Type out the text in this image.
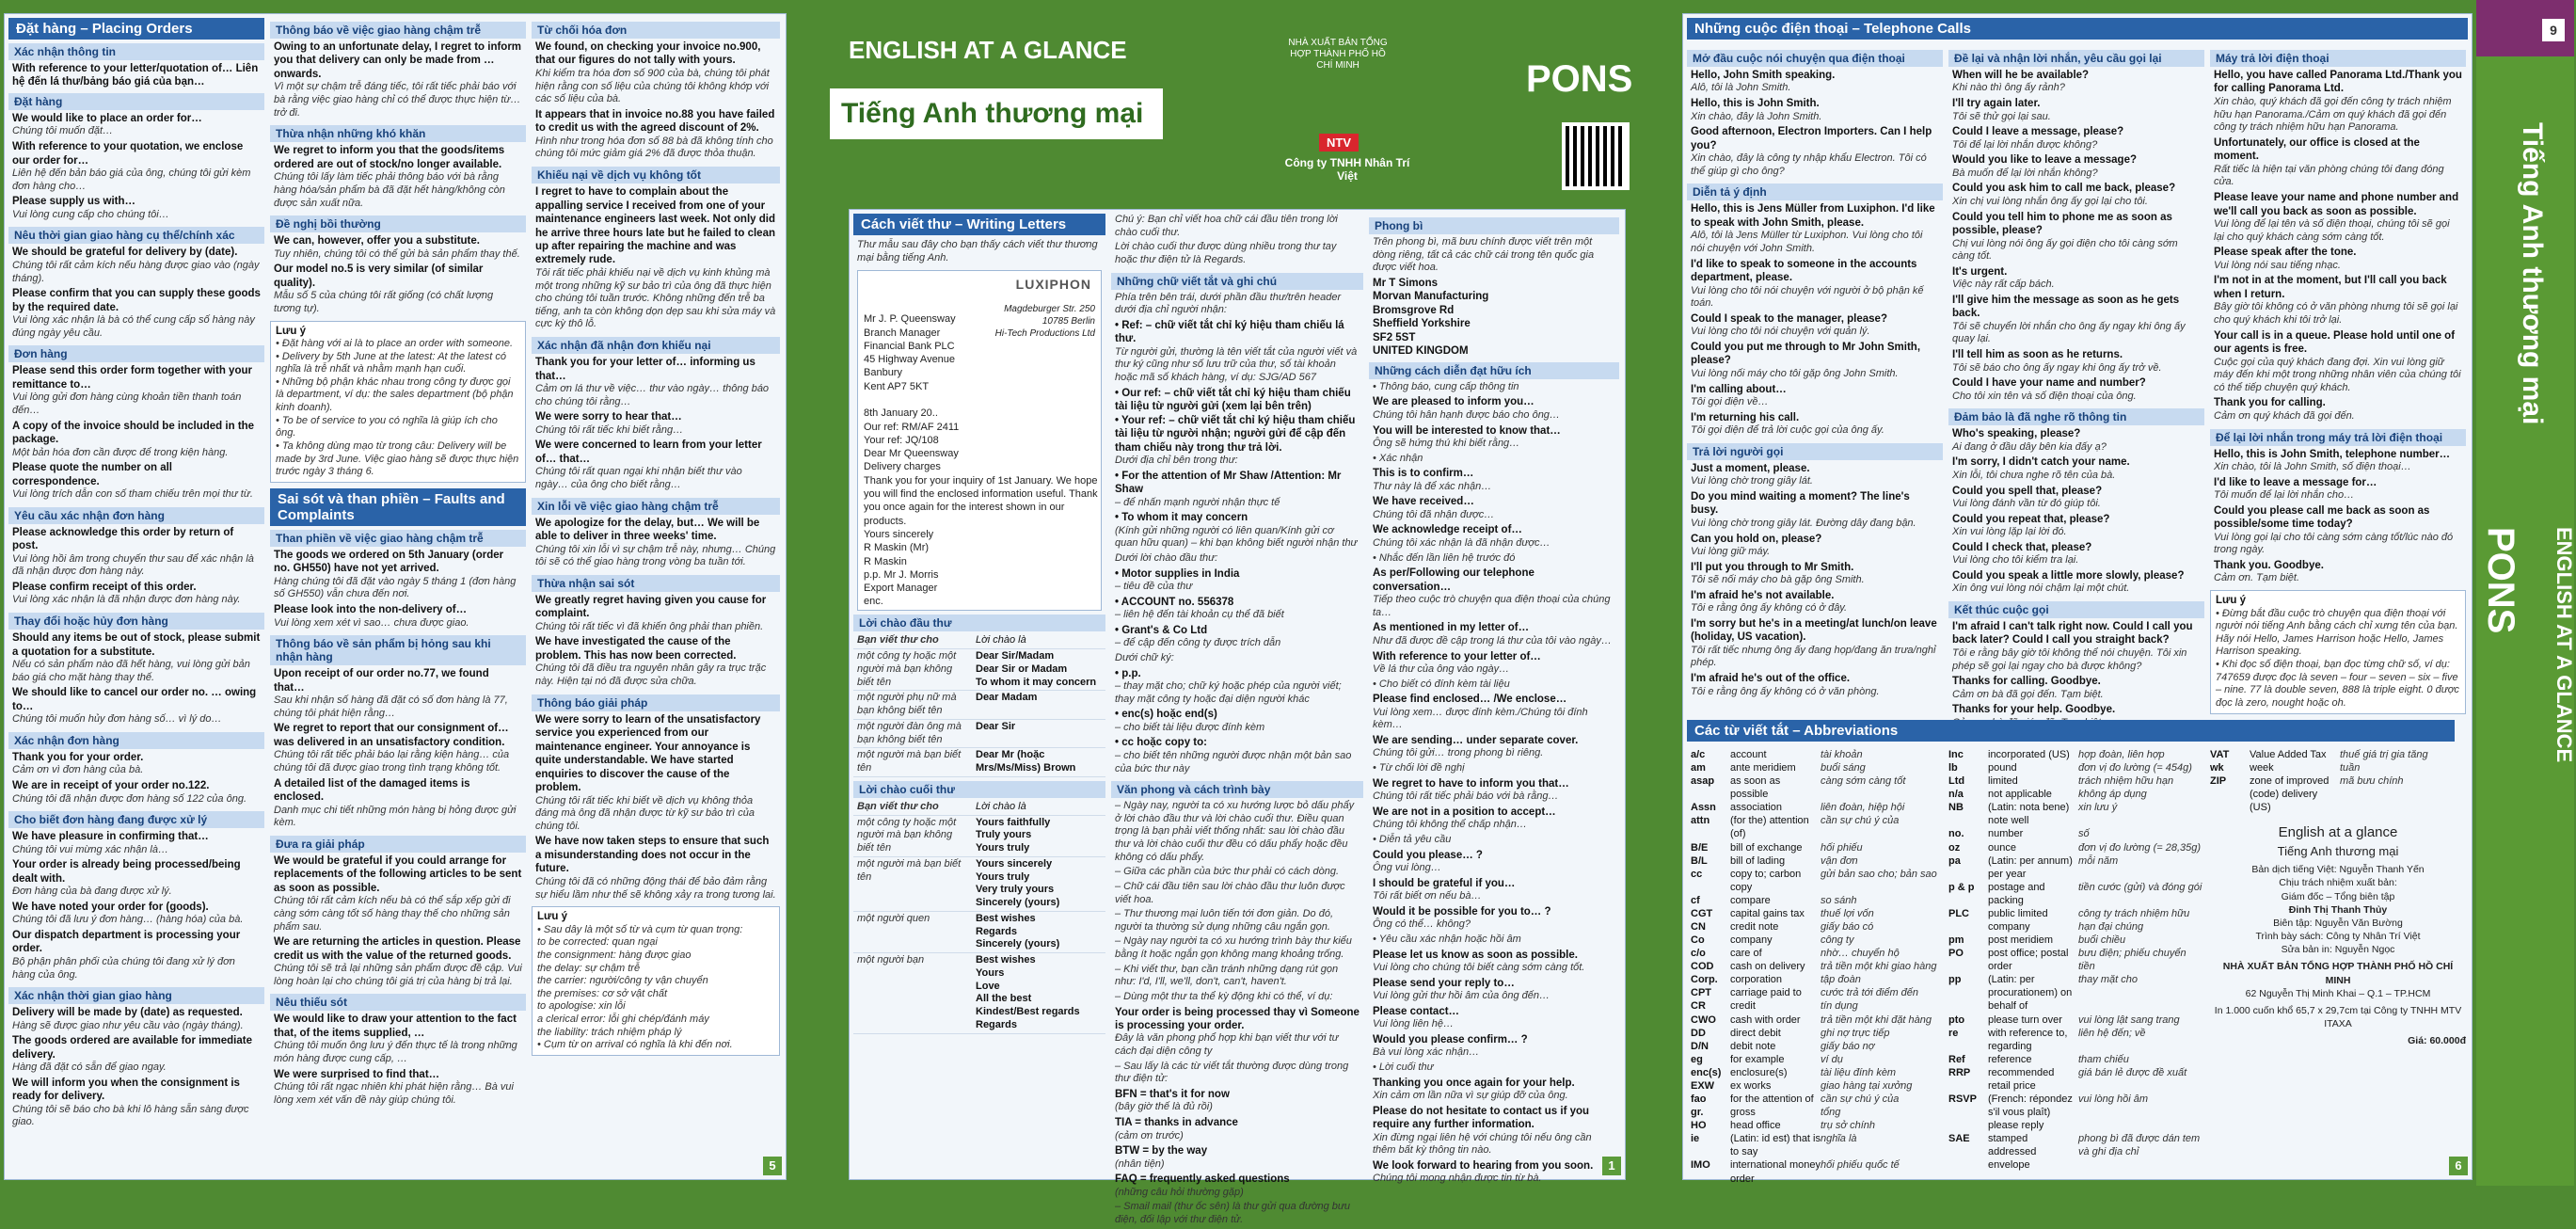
Đặt hàng – Placing Orders
Xác nhận thông tin
With reference to your letter/quotation of… Liên hệ đến lá thư/bảng báo giá của bạn…
Đặt hàng
We would like to place an order for…
Chúng tôi muốn đặt…
With reference to your quotation, we enclose our order for…
Liên hệ đến bản báo giá của ông, chúng tôi gửi kèm đơn hàng cho…
Please supply us with…
Vui lòng cung cấp cho chúng tôi…
Nêu thời gian giao hàng cụ thể/chính xác
We should be grateful for delivery by (date).
Chúng tôi rất cảm kích nếu hàng được giao vào (ngày tháng).
Please confirm that you can supply these goods by the required date.
Vui lòng xác nhận là bà có thể cung cấp số hàng này đúng ngày yêu cầu.
Đơn hàng
Please send this order form together with your remittance to…
Vui lòng gửi đơn hàng cùng khoản tiền thanh toán đến…
A copy of the invoice should be included in the package.
Một bản hóa đơn cần được để trong kiện hàng.
Please quote the number on all correspondence.
Vui lòng trích dẫn con số tham chiếu trên mọi thư từ.
Yêu cầu xác nhận đơn hàng
Please acknowledge this order by return of post.
Vui lòng hồi âm trong chuyến thư sau để xác nhận là đã nhận được đơn hàng này.
Please confirm receipt of this order.
Vui lòng xác nhận là đã nhận được đơn hàng này.
Thay đổi hoặc hủy đơn hàng
Should any items be out of stock, please submit a quotation for a substitute.
Nếu có sản phẩm nào đã hết hàng, vui lòng gửi bản báo giá cho mặt hàng thay thế.
We should like to cancel our order no. … owing to…
Chúng tôi muốn hủy đơn hàng số… vì lý do…
Xác nhận đơn hàng
Thank you for your order.
Cảm ơn vì đơn hàng của bà.
We are in receipt of your order no.122.
Chúng tôi đã nhận được đơn hàng số 122 của ông.
Cho biết đơn hàng đang được xử lý
We have pleasure in confirming that…
Chúng tôi vui mừng xác nhận là…
Your order is already being processed/being dealt with.
Đơn hàng của bà đang được xử lý.
We have noted your order for (goods).
Chúng tôi đã lưu ý đơn hàng… (hàng hóa) của bà.
Our dispatch department is processing your order.
Bộ phận phân phối của chúng tôi đang xử lý đơn hàng của ông.
Xác nhận thời gian giao hàng
Delivery will be made by (date) as requested.
Hàng sẽ được giao như yêu cầu vào (ngày tháng).
The goods ordered are available for immediate delivery.
Hàng đã đặt có sẵn để giao ngay.
We will inform you when the consignment is ready for delivery.
Chúng tôi sẽ báo cho bà khi lô hàng sẵn sàng được giao.
Thông báo về việc giao hàng chậm trễ
Owing to an unfortunate delay, I regret to inform you that delivery can only be made from … onwards.
Vì một sự chậm trễ đáng tiếc, tôi rất tiếc phải báo với bà rằng việc giao hàng chỉ có thể được thực hiện từ… trở đi.
Thừa nhận những khó khăn
We regret to inform you that the goods/items ordered are out of stock/no longer available.
Chúng tôi lấy làm tiếc phải thông báo với bà rằng hàng hóa/sản phẩm bà đã đặt hết hàng/không còn được sản xuất nữa.
Đề nghị bồi thường
We can, however, offer you a substitute.
Tuy nhiên, chúng tôi có thể gửi bà sản phẩm thay thế.
Our model no.5 is very similar (of similar quality).
Mẫu số 5 của chúng tôi rất giống (có chất lượng tương tự).
Lưu ý
• Đặt hàng với ai là to place an order with someone.
• Delivery by 5th June at the latest: At the latest có nghĩa là trễ nhất và nhằm mạnh hạn cuối.
• Những bộ phận khác nhau trong công ty được gọi là department, ví dụ: the sales department (bộ phận kinh doanh).
• To be of service to you có nghĩa là giúp ích cho ông.
• Ta không dùng mạo từ trong câu: Delivery will be made by 3rd June. Việc giao hàng sẽ được thực hiện trước ngày 3 tháng 6.
Sai sót và than phiền – Faults and Complaints
Than phiền về việc giao hàng chậm trễ
The goods we ordered on 5th January (order no. GH550) have not yet arrived.
Hàng chúng tôi đã đặt vào ngày 5 tháng 1 (đơn hàng số GH550) vẫn chưa đến nơi.
Please look into the non-delivery of…
Vui lòng xem xét vì sao… chưa được giao.
Thông báo về sản phẩm bị hỏng sau khi nhận hàng
Upon receipt of our order no.77, we found that…
Sau khi nhận số hàng đã đặt có số đơn hàng là 77, chúng tôi phát hiện rằng…
We regret to report that our consignment of… was delivered in an unsatisfactory condition.
Chúng tôi rất tiếc phải báo lại rằng kiện hàng… của chúng tôi đã được giao trong tình trạng không tốt.
A detailed list of the damaged items is enclosed.
Danh mục chi tiết những món hàng bị hỏng được gửi kèm.
Đưa ra giải pháp
We would be grateful if you could arrange for replacements of the following articles to be sent as soon as possible.
Chúng tôi rất cảm kích nếu bà có thể sắp xếp gửi đi càng sớm càng tốt số hàng thay thế cho những sản phẩm sau.
We are returning the articles in question. Please credit us with the value of the returned goods.
Chúng tôi sẽ trả lại những sản phẩm được đề cập. Vui lòng hoàn lại cho chúng tôi giá trị của hàng bị trả lại.
Nêu thiếu sót
We would like to draw your attention to the fact that, of the items supplied, …
Chúng tôi muốn ông lưu ý đến thực tế là trong những món hàng được cung cấp, …
We were surprised to find that…
Chúng tôi rất ngạc nhiên khi phát hiện rằng… Bà vui lòng xem xét vấn đề này giúp chúng tôi.
Từ chối hóa đơn
We found, on checking your invoice no.900, that our figures do not tally with yours.
Khi kiểm tra hóa đơn số 900 của bà, chúng tôi phát hiện rằng con số liệu của chúng tôi không khớp với các số liệu của bà.
It appears that in invoice no.88 you have failed to credit us with the agreed discount of 2%.
Hình như trong hóa đơn số 88 bà đã không tính cho chúng tôi mức giảm giá 2% đã được thỏa thuận.
Khiếu nại về dịch vụ không tốt
I regret to have to complain about the appalling service I received from one of your maintenance engineers last week. Not only did he arrive three hours late but he failed to clean up after repairing the machine and was extremely rude.
Tôi rất tiếc phải khiếu nại về dịch vụ kinh khủng mà một trong những kỹ sư bảo trì của ông đã thực hiện cho chúng tôi tuần trước. Không những đến trễ ba tiếng, anh ta còn không dọn dẹp sau khi sửa máy và cực kỳ thô lỗ.
Xác nhận đã nhận đơn khiếu nại
Thank you for your letter of… informing us that…
Cảm ơn lá thư về việc… thư vào ngày… thông báo cho chúng tôi rằng…
We were sorry to hear that…
Chúng tôi rất tiếc khi biết rằng…
We were concerned to learn from your letter of… that…
Chúng tôi rất quan ngại khi nhận biết thư vào ngày… của ông cho biết rằng…
Xin lỗi về việc giao hàng chậm trễ
We apologize for the delay, but… We will be able to deliver in three weeks' time.
Chúng tôi xin lỗi vì sự chậm trễ này, nhưng… Chúng tôi sẽ có thể giao hàng trong vòng ba tuần tới.
Thừa nhận sai sót
We greatly regret having given you cause for complaint.
Chúng tôi rất tiếc vì đã khiến ông phải than phiền.
We have investigated the cause of the problem. This has now been corrected.
Chúng tôi đã điều tra nguyên nhân gây ra trục trặc này. Hiện tại nó đã được sửa chữa.
Thông báo giải pháp
We were sorry to learn of the unsatisfactory service you experienced from our maintenance engineer. Your annoyance is quite understandable. We have started enquiries to discover the cause of the problem.
Chúng tôi rất tiếc khi biết về dịch vụ không thỏa đáng mà ông đã nhận được từ kỹ sư bảo trì của chúng tôi.
We have now taken steps to ensure that such a misunderstanding does not occur in the future.
Chúng tôi đã có những động thái để bảo đảm rằng sự hiểu lầm như thế sẽ không xảy ra trong tương lai.
Lưu ý
• Sau dây là một số từ và cụm từ quan trọng:
to be corrected: quan ngại
the consignment: hàng được giao
the delay: sự chậm trễ
the carrier: người/công ty vận chuyển
the premises: cơ sở vật chất
to apologise: xin lỗi
a clerical error: lỗi ghi chép/đánh máy
the liability: trách nhiệm pháp lý
• Cụm từ on arrival có nghĩa là khi đến nơi.
5
ENGLISH AT A GLANCE
Tiếng Anh thương mại
NHÀ XUẤT BẢN TỔNG HỢP THÀNH PHỐ HỒ CHÍ MINH
NTV
Công ty TNHH Nhân Trí Việt
PONS
Cách viết thư – Writing Letters
Thư mẫu sau đây cho bạn thấy cách viết thư thương mại bằng tiếng Anh.
Mr J. P. Queensway
Branch Manager
Financial Bank PLC
45 Highway Avenue
Banbury
Kent AP7 5KT
LUXIPHON
Magdeburger Str. 250
10785 Berlin
Hi-Tech Productions Ltd
8th January 20..
Our ref: RM/AF 2411
Your ref: JQ/108
Dear Mr Queensway
Delivery charges
Thank you for your inquiry of 1st January. We hope you will find the enclosed information useful. Thank you once again for the interest shown in our products.
Yours sincerely
R Maskin (Mr)
R Maskin
p.p. Mr J. Morris
Export Manager
enc.
Lời chào đầu thư
Bạn viết thư cho	Lời chào là
một công ty hoặc một người mà bạn không biết tên
Dear Sir/Madam
Dear Sir or Madam
To whom it may concern
một người phụ nữ mà bạn không biết tên
Dear Madam
một người đàn ông mà bạn không biết tên
Dear Sir
một người mà bạn biết tên
Dear Mr (hoặc Mrs/Ms/Miss) Brown
Lời chào cuối thư
Bạn viết thư cho	Lời chào là
một công ty hoặc một người mà bạn không biết tên
Yours faithfully
Truly yours
Yours truly
một người mà bạn biết tên
Yours sincerely
Yours truly
Very truly yours
Sincerely (yours)
một người quen	Best wishes
Regards
Sincerely (yours)
một người bạn	Best wishes
Yours
Love
All the best
Kindest/Best regards
Regards
Chú ý: Bạn chỉ viết hoa chữ cái đầu tiên trong lời chào cuối thư.
Lời chào cuối thư được dùng nhiều trong thư tay hoặc thư điện tử là Regards.
Những chữ viết tắt và ghi chú
Phía trên bên trái, dưới phần đầu thư/trên header dưới địa chỉ người nhận:
• Ref: – chữ viết tắt chỉ ký hiệu tham chiếu lá thư.
Từ người gửi, thường là tên viết tắt của người viết và thư ký cũng như số lưu trữ của thư, số tài khoản hoặc mã số khách hàng, ví dụ: SJG/AD 567
• Our ref: – chữ viết tắt chỉ ký hiệu tham chiếu tài liệu từ người gửi (xem lại bên trên)
• Your ref: – chữ viết tắt chỉ ký hiệu tham chiếu tài liệu từ người nhận; người gửi để cập đến tham chiếu này trong thư trả lời.
Dưới địa chỉ bên trong thư:
• For the attention of Mr Shaw /Attention: Mr Shaw
– để nhấn mạnh người nhận thực tế
• To whom it may concern
(Kính gửi những người có liên quan/Kính gửi cơ quan hữu quan) – khi bạn không biết người nhận thư
Dưới lời chào đầu thư:
• Motor supplies in India
– tiêu đề của thư
• ACCOUNT no. 556378
– liên hệ đến tài khoản cụ thể đã biết
• Grant's & Co Ltd
– để cập đến công ty được trích dẫn
Dưới chữ ký:
• p.p.
– thay mặt cho; chữ ký hoặc phép của người viết; thay mặt công ty hoặc đại diện người khác
• enc(s) hoặc end(s)
– cho biết tài liệu được đính kèm
• cc hoặc copy to:
– cho biết tên những người được nhận một bản sao của bức thư này
Văn phong và cách trình bày
– Ngày nay, người ta có xu hướng lược bỏ dấu phẩy ở lời chào đầu thư và lời chào cuối thư. Điều quan trọng là bạn phải viết thống nhất: sau lời chào đầu thư và lời chào cuối thư đều có dấu phẩy hoặc đều không có dấu phẩy.
– Giữa các phần của bức thư phải có cách dòng.
– Chữ cái đầu tiên sau lời chào đầu thư luôn được viết hoa.
– Thư thương mại luôn tiến tới đơn giản. Do đó, người ta thường sử dụng những câu ngắn gọn.
– Ngày nay người ta có xu hướng trình bày thư kiểu bằng ít hoặc ngắn gọn không mang khoảng trống.
– Khi viết thư, bạn cần tránh những dạng rút gọn như: I'd, I'll, we'll, don't, can't, haven't.
– Dùng một thư ta thể kỳ động khi có thể, ví dụ:
Your order is being processed thay vì Someone is processing your order.
Đây là văn phong phổ hợp khi bạn viết thư với tư cách đại diện công ty
– Sau lấy là các từ viết tắt thường được dùng trong thư điện tử:
BFN = that's it for now
(bây giờ thế là đủ rồi)
TIA = thanks in advance
(cảm ơn trước)
BTW = by the way
(nhân tiện)
FAQ = frequently asked questions
(những câu hỏi thường gặp)
– Smail mail (thư ốc sên) là thư gửi qua đường bưu điện, đối lập với thư điện tử.
Phong bì
Trên phong bì, mã bưu chính được viết trên một dòng riêng, tất cả các chữ cái trong tên quốc gia được viết hoa.
Mr T Simons
Morvan Manufacturing
Bromsgrove Rd
Sheffield Yorkshire
SF2 5ST
UNITED KINGDOM
Những cách diễn đạt hữu ích
• Thông báo, cung cấp thông tin
We are pleased to inform you…
Chúng tôi hân hạnh được báo cho ông…
You will be interested to know that…
Ông sẽ hứng thú khi biết rằng…
• Xác nhận
This is to confirm…
Thư này là để xác nhận…
We have received…
Chúng tôi đã nhận được…
We acknowledge receipt of…
Chúng tôi xác nhận là đã nhận được…
• Nhắc đến lần liên hệ trước đó
As per/Following our telephone conversation…
Tiếp theo cuộc trò chuyện qua điện thoại của chúng ta…
As mentioned in my letter of…
Như đã được đề cập trong lá thư của tôi vào ngày…
With reference to your letter of…
Về lá thư của ông vào ngày…
• Cho biết có đính kèm tài liệu
Please find enclosed… /We enclose…
Vui lòng xem… được đính kèm./Chúng tôi đính kèm…
We are sending… under separate cover.
Chúng tôi gửi… trong phong bì riêng.
• Từ chối lời đề nghị
We regret to have to inform you that…
Chúng tôi rất tiếc phải báo với bà rằng…
We are not in a position to accept…
Chúng tôi không thể chấp nhận…
• Diễn tả yêu cầu
Could you please… ?
Ông vui lòng…
I should be grateful if you…
Tôi rất biết ơn nếu bà…
Would it be possible for you to… ?
Ông có thể… không?
• Yêu cầu xác nhận hoặc hồi âm
Please let us know as soon as possible.
Vui lòng cho chúng tôi biết càng sớm càng tốt.
Please send your reply to…
Vui lòng gửi thư hồi âm của ông đến…
Please contact…
Vui lòng liên hệ…
Would you please confirm… ?
Bà vui lòng xác nhận…
• Lời cuối thư
Thanking you once again for your help.
Xin cảm ơn lần nữa vì sự giúp đỡ của ông.
Please do not hesitate to contact us if you require any further information.
Xin đừng ngại liên hệ với chúng tôi nếu ông cần thêm bất kỳ thông tin nào.
We look forward to hearing from you soon.
Chúng tôi mong nhận được tin từ bà.
1
Những cuộc điện thoại – Telephone Calls
Mở đầu cuộc nói chuyện qua điện thoại
Hello, John Smith speaking.
Alô, tôi là John Smith.
Hello, this is John Smith.
Xin chào, đây là John Smith.
Good afternoon, Electron Importers. Can I help you?
Xin chào, đây là công ty nhập khẩu Electron. Tôi có thể giúp gì cho ông?
Diễn tả ý định
Hello, this is Jens Müller from Luxiphon. I'd like to speak with John Smith, please.
Alô, tôi là Jens Müller từ Luxiphon. Vui lòng cho tôi nói chuyện với John Smith.
I'd like to speak to someone in the accounts department, please.
Vui lòng cho tôi nói chuyện với người ở bộ phận kế toán.
Could I speak to the manager, please?
Vui lòng cho tôi nói chuyện với quản lý.
Could you put me through to Mr John Smith, please?
Vui lòng nối máy cho tôi gặp ông John Smith.
I'm calling about…
Tôi gọi điện về…
I'm returning his call.
Tôi gọi điện để trả lời cuộc gọi của ông ấy.
Trả lời người gọi
Just a moment, please.
Vui lòng chờ trong giây lát.
Do you mind waiting a moment? The line's busy.
Vui lòng chờ trong giây lát. Đường dây đang bận.
Can you hold on, please?
Vui lòng giữ máy.
I'll put you through to Mr Smith.
Tôi sẽ nối máy cho bà gặp ông Smith.
I'm afraid he's not available.
Tôi e rằng ông ấy không có ở đây.
I'm sorry but he's in a meeting/at lunch/on leave (holiday, US vacation).
Tôi rất tiếc nhưng ông ấy đang họp/đang ăn trưa/nghỉ phép.
I'm afraid he's out of the office.
Tôi e rằng ông ấy không có ở văn phòng.
Đề lại và nhận lời nhắn, yêu cầu gọi lại
When will he be available?
Khi nào thì ông ấy rảnh?
I'll try again later.
Tôi sẽ thử gọi lại sau.
Could I leave a message, please?
Tôi để lại lời nhắn được không?
Would you like to leave a message?
Bà muốn để lại lời nhắn không?
Could you ask him to call me back, please?
Xin chị vui lòng nhắn ông ấy gọi lại cho tôi.
Could you tell him to phone me as soon as possible, please?
Chị vui lòng nói ông ấy gọi điện cho tôi càng sớm càng tốt.
It's urgent.
Việc này rất cấp bách.
I'll give him the message as soon as he gets back.
Tôi sẽ chuyển lời nhắn cho ông ấy ngay khi ông ấy quay lại.
I'll tell him as soon as he returns.
Tôi sẽ báo cho ông ấy ngay khi ông ấy trở về.
Could I have your name and number?
Cho tôi xin tên và số điện thoại của ông.
Đảm bảo là đã nghe rõ thông tin
Who's speaking, please?
Ai đang ở đầu dây bên kia đấy ạ?
I'm sorry, I didn't catch your name.
Xin lỗi, tôi chưa nghe rõ tên của bà.
Could you spell that, please?
Vui lòng đánh vần từ đó giúp tôi.
Could you repeat that, please?
Xin vui lòng lặp lại lời đó.
Could I check that, please?
Vui lòng cho tôi kiểm tra lại.
Could you speak a little more slowly, please?
Xin ông vui lòng nói chậm lại một chút.
Kết thúc cuộc gọi
I'm afraid I can't talk right now. Could I call you back later? Could I call you straight back?
Tôi e rằng bây giờ tôi không thể nói chuyện. Tôi xin phép sẽ gọi lại ngay cho bà được không?
Thanks for calling. Goodbye.
Cảm ơn bà đã gọi đến. Tạm biệt.
Thanks for your help. Goodbye.
Máy trả lời điện thoại
Hello, you have called Panorama Ltd./Thank you for calling Panorama Ltd.
Xin chào, quý khách đã gọi đến công ty trách nhiệm hữu hạn Panorama./Cảm ơn quý khách đã gọi đến công ty trách nhiệm hữu hạn Panorama.
Unfortunately, our office is closed at the moment.
Rất tiếc là hiện tại văn phòng chúng tôi đang đóng cửa.
Please leave your name and phone number and we'll call you back as soon as possible.
Vui lòng để lại tên và số điện thoại, chúng tôi sẽ gọi lại cho quý khách càng sớm càng tốt.
Please speak after the tone.
Vui lòng nói sau tiếng nhạc.
I'm not in at the moment, but I'll call you back when I return.
Bây giờ tôi không có ở văn phòng nhưng tôi sẽ gọi lại cho quý khách khi tôi trở lại.
Your call is in a queue. Please hold until one of our agents is free.
Cuộc gọi của quý khách đang đợi. Xin vui lòng giữ máy đến khi một trong những nhân viên của chúng tôi có thể tiếp chuyện quý khách.
Thank you for calling.
Cảm ơn quý khách đã gọi đến.
Để lại lời nhắn trong máy trả lời điện thoại
Hello, this is John Smith, telephone number…
Xin chào, tôi là John Smith, số điện thoại…
I'd like to leave a message for…
Tôi muốn để lại lời nhắn cho…
Could you please call me back as soon as possible/some time today?
Vui lòng gọi lại cho tôi càng sớm càng tốt/lúc nào đó trong ngày.
Thank you. Goodbye.
Cảm ơn. Tạm biệt.
Lưu ý
• Đừng bắt đầu cuộc trò chuyện qua điện thoại với người nói tiếng Anh bằng cách chỉ xưng tên của bạn. Hãy nói Hello, James Harrison hoặc Hello, James Harrison speaking.
• Khi đọc số điện thoại, bạn đọc từng chữ số, ví dụ: 747659 được đọc là seven – four – seven – six – five – nine. 77 là double seven, 888 là triple eight. 0 được đọc là zero, nought hoặc oh.
Các từ viết tắt – Abbreviations
a/c	account	tài khoản
am	ante meridiem	buổi sáng
asap	as soon as possible
càng sớm càng tốt
Assn	association	liên đoàn, hiệp hội
attn	(for the) attention (of)
cần sự chú ý của
B/E	bill of exchange	hối phiếu
B/L	bill of lading	vận đơn
cc	copy to; carbon copy
gửi bản sao cho; bản sao
cf	compare	so sánh
CGT	capital gains tax	thuế lợi vốn
CN	credit note	giấy báo có
Co	company	công ty
c/o	care of	nhờ… chuyển hộ
COD	cash on delivery	trả tiền một khi giao hàng
Corp.	corporation	tập đoàn
CPT	carriage paid to	cước trả tới điểm đến
CR	credit	tín dụng
CWO	cash with order	trả tiền một khi đặt hàng
DD	direct debit	ghi nợ trực tiếp
D/N	debit note	giấy báo nợ
eg	for example	ví dụ
enc(s) enclosure(s)	tài liệu đính kèm
EXW	ex works	giao hàng tại xưởng
fao	for the attention of cần sự chú ý của
gr.	gross	tổng
HO	head office	trụ sở chính
ie	(Latin: id est) that is to say
nghĩa là
IMO	international money order
hối phiếu quốc tế
Inc	incorporated (US) hợp đoàn, liên hợp
lb	pound	đơn vị đo lường (= 454g)
Ltd	limited	trách nhiệm hữu hạn
n/a	not applicable	không áp dụng
NB	(Latin: nota bene) note well
xin lưu ý
no.	number	số
oz	ounce	đơn vị đo lường (= 28,35g)
pa	(Latin: per annum) per year
mỗi năm
p & p	postage and packing
tiền cước (gửi) và đóng gói
PLC	public limited company
công ty trách nhiệm hữu hạn đại chúng
pm	post meridiem	buổi chiều
PO	post office; postal order
bưu điện; phiếu chuyển tiền
pp	(Latin: per procurationem) on behalf of
thay mặt cho
pto	please turn over	vui lòng lật sang trang
re	with reference to, regarding
liên hệ đến; về
Ref	reference	tham chiếu
RRP	recommended retail price
giá bán lẻ được đề xuất
RSVP	(French: répondez s'il vous plaît) please reply
vui lòng hồi âm
SAE	stamped addressed envelope
phong bì đã được dán tem và ghi địa chỉ
VAT	Value Added Tax	thuế giá trị gia tăng
wk	week	tuần
ZIP	zone of improved (code) delivery (US)
mã bưu chính
English at a glance
Tiếng Anh thương mại
Bản dịch tiếng Việt: Nguyễn Thanh Yến
Chịu trách nhiệm xuất bản:
Giám đốc – Tổng biên tập
Đinh Thị Thanh Thủy
Biên tập: Nguyễn Văn Bường
Trình bày sách: Công ty Nhân Trí Việt
Sửa bản in: Nguyễn Ngọc
NHÀ XUẤT BẢN TỔNG HỢP THÀNH PHỐ HỒ CHÍ MINH
62 Nguyễn Thị Minh Khai – Q.1 – TP.HCM
In 1.000 cuốn khổ 65,7 x 29,7cm tại Công ty TNHH MTV ITAXA
Giá: 60.000đ
6
9
Tiếng Anh thương mại
PONS ENGLISH AT A GLANCE
